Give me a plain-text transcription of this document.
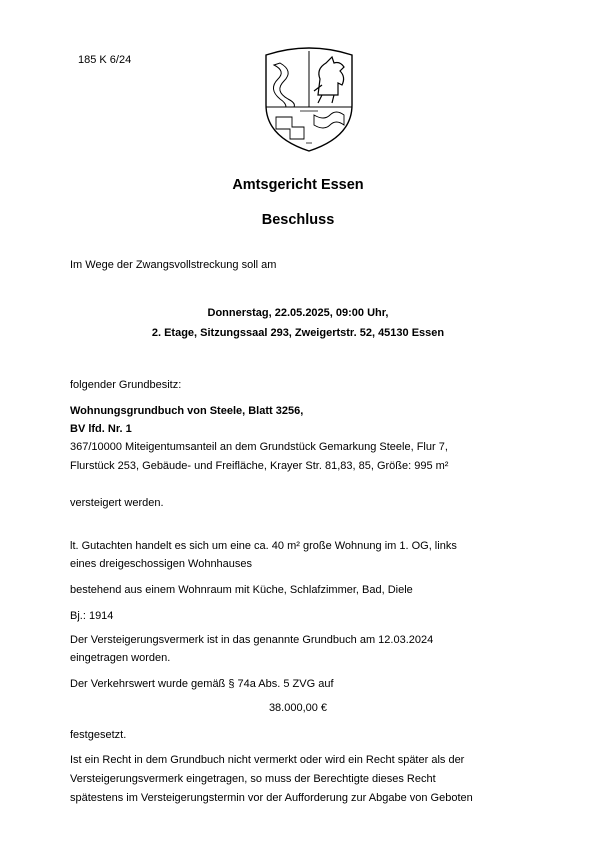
185 K 6/24
Amtsgericht Essen
Beschluss
Im Wege der Zwangsvollstreckung soll am
Donnerstag, 22.05.2025, 09:00 Uhr,
2. Etage, Sitzungssaal 293, Zweigertstr. 52, 45130 Essen
folgender Grundbesitz:
Wohnungsgrundbuch von Steele, Blatt 3256,
BV lfd. Nr. 1
367/10000 Miteigentumsanteil an dem Grundstück Gemarkung Steele, Flur 7,
Flurstück 253, Gebäude- und Freifläche, Krayer Str. 81,83, 85, Größe: 995 m²
versteigert werden.
lt. Gutachten handelt es sich um eine ca. 40 m² große Wohnung im 1. OG, links
eines dreigeschossigen Wohnhauses
bestehend aus einem Wohnraum mit Küche, Schlafzimmer, Bad, Diele
Bj.: 1914
Der Versteigerungsvermerk ist in das genannte Grundbuch am 12.03.2024
eingetragen worden.
Der Verkehrswert wurde gemäß § 74a Abs. 5 ZVG auf
38.000,00 €
festgesetzt.
Ist ein Recht in dem Grundbuch nicht vermerkt oder wird ein Recht später als der
Versteigerungsvermerk eingetragen, so muss der Berechtigte dieses Recht
spätestens im Versteigerungstermin vor der Aufforderung zur Abgabe von Geboten
